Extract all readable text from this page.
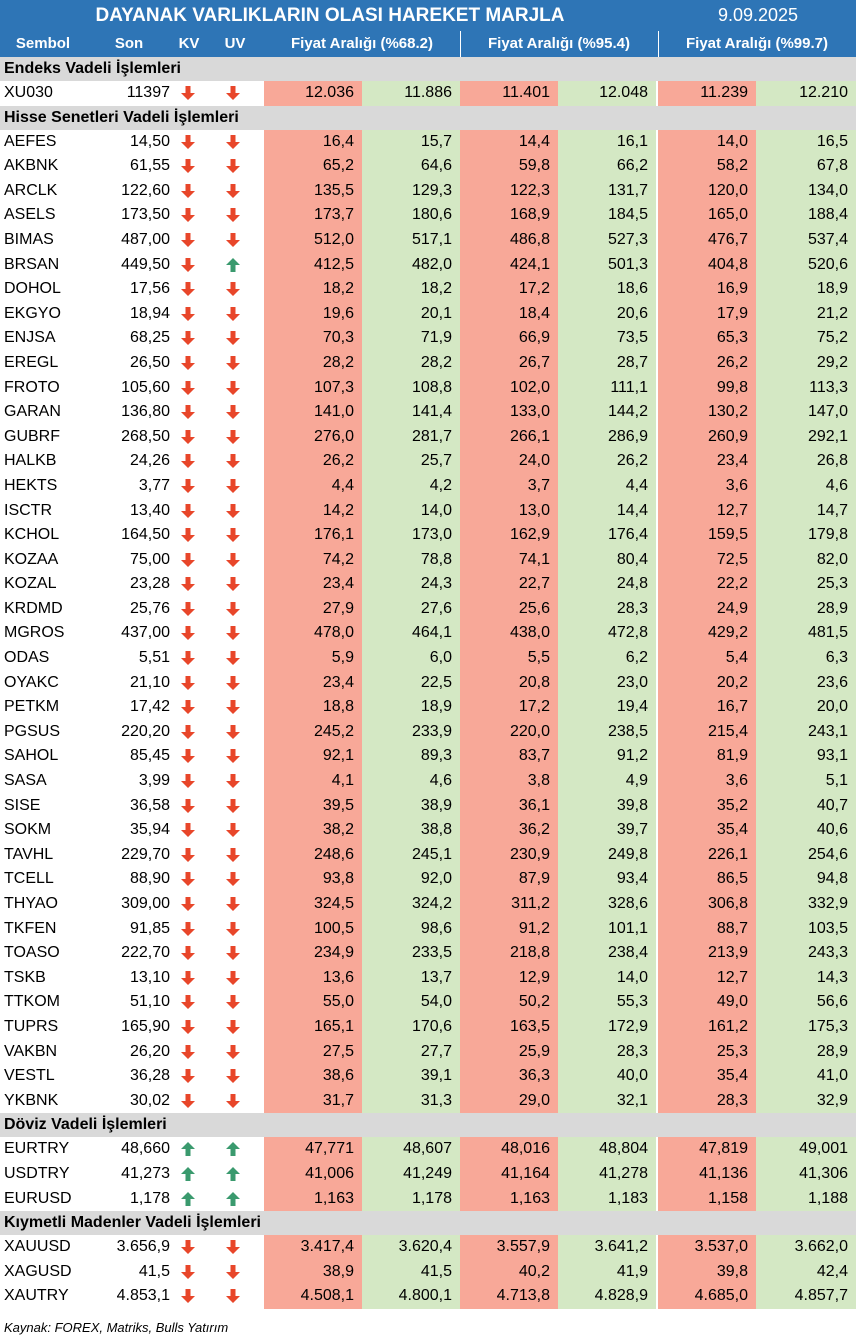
DAYANAK VARLIKLARIN OLASI HAREKET MARJLA	9.09.2025
Sembol	Son	KV UV	Fiyat Aralığı (%68.2)	Fiyat Aralığı (%95.4)	Fiyat Aralığı (%99.7)
Endeks Vadeli İşlemleri
XU030	11397	12.036	11.886	11.401	12.048	11.239	12.210
Hisse Senetleri Vadeli İşlemleri
AEFES	14,50	16,4	15,7	14,4	16,1	14,0	16,5
AKBNK	61,55	65,2	64,6	59,8	66,2	58,2	67,8
ARCLK	122,60	135,5	129,3	122,3	131,7	120,0	134,0
ASELS	173,50	173,7	180,6	168,9	184,5	165,0	188,4
BIMAS	487,00	512,0	517,1	486,8	527,3	476,7	537,4
BRSAN	449,50	412,5	482,0	424,1	501,3	404,8	520,6
DOHOL	17,56	18,2	18,2	17,2	18,6	16,9	18,9
EKGYO	18,94	19,6	20,1	18,4	20,6	17,9	21,2
ENJSA	68,25	70,3	71,9	66,9	73,5	65,3	75,2
EREGL	26,50	28,2	28,2	26,7	28,7	26,2	29,2
FROTO	105,60	107,3	108,8	102,0	111,1	99,8	113,3
GARAN	136,80	141,0	141,4	133,0	144,2	130,2	147,0
GUBRF	268,50	276,0	281,7	266,1	286,9	260,9	292,1
HALKB	24,26	26,2	25,7	24,0	26,2	23,4	26,8
HEKTS	3,77	4,4	4,2	3,7	4,4	3,6	4,6
ISCTR	13,40	14,2	14,0	13,0	14,4	12,7	14,7
KCHOL	164,50	176,1	173,0	162,9	176,4	159,5	179,8
KOZAA	75,00	74,2	78,8	74,1	80,4	72,5	82,0
KOZAL	23,28	23,4	24,3	22,7	24,8	22,2	25,3
KRDMD	25,76	27,9	27,6	25,6	28,3	24,9	28,9
MGROS	437,00	478,0	464,1	438,0	472,8	429,2	481,5
ODAS	5,51	5,9	6,0	5,5	6,2	5,4	6,3
OYAKC	21,10	23,4	22,5	20,8	23,0	20,2	23,6
PETKM	17,42	18,8	18,9	17,2	19,4	16,7	20,0
PGSUS	220,20	245,2	233,9	220,0	238,5	215,4	243,1
SAHOL	85,45	92,1	89,3	83,7	91,2	81,9	93,1
SASA	3,99	4,1	4,6	3,8	4,9	3,6	5,1
SISE	36,58	39,5	38,9	36,1	39,8	35,2	40,7
SOKM	35,94	38,2	38,8	36,2	39,7	35,4	40,6
TAVHL	229,70	248,6	245,1	230,9	249,8	226,1	254,6
TCELL	88,90	93,8	92,0	87,9	93,4	86,5	94,8
THYAO	309,00	324,5	324,2	311,2	328,6	306,8	332,9
TKFEN	91,85	100,5	98,6	91,2	101,1	88,7	103,5
TOASO	222,70	234,9	233,5	218,8	238,4	213,9	243,3
TSKB	13,10	13,6	13,7	12,9	14,0	12,7	14,3
TTKOM	51,10	55,0	54,0	50,2	55,3	49,0	56,6
TUPRS	165,90	165,1	170,6	163,5	172,9	161,2	175,3
VAKBN	26,20	27,5	27,7	25,9	28,3	25,3	28,9
VESTL	36,28	38,6	39,1	36,3	40,0	35,4	41,0
YKBNK	30,02	31,7	31,3	29,0	32,1	28,3	32,9
Döviz Vadeli İşlemleri
EURTRY	48,660	47,771	48,607	48,016	48,804	47,819	49,001
USDTRY	41,273	41,006	41,249	41,164	41,278	41,136	41,306
EURUSD	1,178	1,163	1,178	1,163	1,183	1,158	1,188
Kıymetli Madenler Vadeli İşlemleri
XAUUSD	3.656,9	3.417,4	3.620,4	3.557,9	3.641,2	3.537,0	3.662,0
XAGUSD	41,5	38,9	41,5	40,2	41,9	39,8	42,4
XAUTRY	4.853,1	4.508,1	4.800,1	4.713,8	4.828,9	4.685,0	4.857,7
Kaynak: FOREX, Matriks, Bulls Yatırım
